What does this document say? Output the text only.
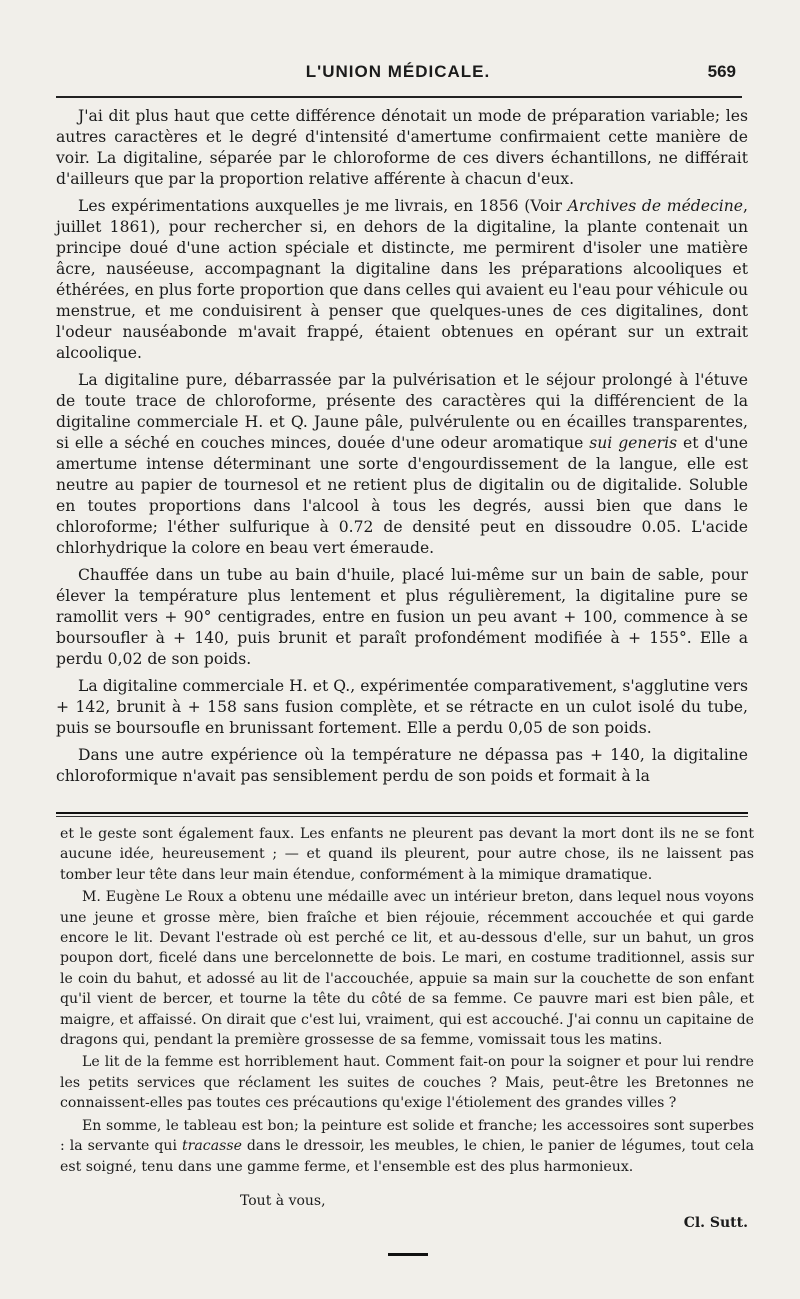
L'UNION MÉDICALE.	569

J'ai dit plus haut que cette différence dénotait un mode de préparation variable; les autres caractères et le degré d'intensité d'amertume confirmaient cette manière de voir. La digitaline, séparée par le chloroforme de ces divers échantillons, ne différait d'ailleurs que par la proportion relative afférente à chacun d'eux.

Les expérimentations auxquelles je me livrais, en 1856 (Voir Archives de médecine, juillet 1861), pour rechercher si, en dehors de la digitaline, la plante contenait un principe doué d'une action spéciale et distincte, me permirent d'isoler une matière âcre, nauséeuse, accompagnant la digitaline dans les préparations alcooliques et éthérées, en plus forte proportion que dans celles qui avaient eu l'eau pour véhicule ou menstrue, et me conduisirent à penser que quelques-unes de ces digitalines, dont l'odeur nauséabonde m'avait frappé, étaient obtenues en opérant sur un extrait alcoolique.

La digitaline pure, débarrassée par la pulvérisation et le séjour prolongé à l'étuve de toute trace de chloroforme, présente des caractères qui la différencient de la digitaline commerciale H. et Q. Jaune pâle, pulvérulente ou en écailles transparentes, si elle a séché en couches minces, douée d'une odeur aromatique sui generis et d'une amertume intense déterminant une sorte d'engourdissement de la langue, elle est neutre au papier de tournesol et ne retient plus de digitalin ou de digitalide. Soluble en toutes proportions dans l'alcool à tous les degrés, aussi bien que dans le chloroforme; l'éther sulfurique à 0.72 de densité peut en dissoudre 0.05. L'acide chlorhydrique la colore en beau vert émeraude.

Chauffée dans un tube au bain d'huile, placé lui-même sur un bain de sable, pour élever la température plus lentement et plus régulièrement, la digitaline pure se ramollit vers + 90° centigrades, entre en fusion un peu avant + 100, commence à se boursoufler à + 140, puis brunit et paraît profondément modifiée à + 155°. Elle a perdu 0,02 de son poids.

La digitaline commerciale H. et Q., expérimentée comparativement, s'agglutine vers + 142, brunit à + 158 sans fusion complète, et se rétracte en un culot isolé du tube, puis se boursoufle en brunissant fortement. Elle a perdu 0,05 de son poids.

Dans une autre expérience où la température ne dépassa pas + 140, la digitaline chloroformique n'avait pas sensiblement perdu de son poids et formait à la

et le geste sont également faux. Les enfants ne pleurent pas devant la mort dont ils ne se font aucune idée, heureusement ; — et quand ils pleurent, pour autre chose, ils ne laissent pas tomber leur tête dans leur main étendue, conformément à la mimique dramatique.

M. Eugène Le Roux a obtenu une médaille avec un intérieur breton, dans lequel nous voyons une jeune et grosse mère, bien fraîche et bien réjouie, récemment accouchée et qui garde encore le lit. Devant l'estrade où est perché ce lit, et au-dessous d'elle, sur un bahut, un gros poupon dort, ficelé dans une bercelonnette de bois. Le mari, en costume traditionnel, assis sur le coin du bahut, et adossé au lit de l'accouchée, appuie sa main sur la couchette de son enfant qu'il vient de bercer, et tourne la tête du côté de sa femme. Ce pauvre mari est bien pâle, et maigre, et affaissé. On dirait que c'est lui, vraiment, qui est accouché. J'ai connu un capitaine de dragons qui, pendant la première grossesse de sa femme, vomissait tous les matins.

Le lit de la femme est horriblement haut. Comment fait-on pour la soigner et pour lui rendre les petits services que réclament les suites de couches ? Mais, peut-être les Bretonnes ne connaissent-elles pas toutes ces précautions qu'exige l'étiolement des grandes villes ?

En somme, le tableau est bon; la peinture est solide et franche; les accessoires sont superbes : la servante qui tracasse dans le dressoir, les meubles, le chien, le panier de légumes, tout cela est soigné, tenu dans une gamme ferme, et l'ensemble est des plus harmonieux.

Tout à vous,
Cl. Sutt.
